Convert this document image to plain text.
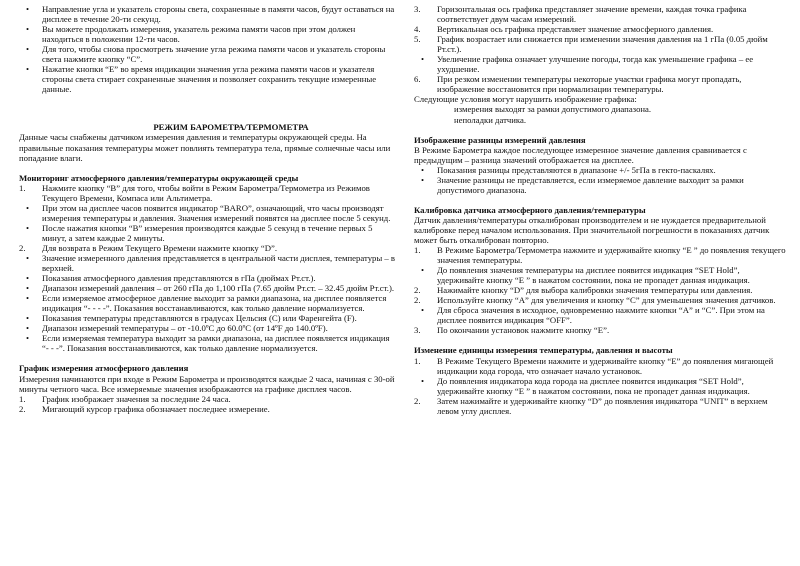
• Направление угла и указатель стороны света, сохраненные в памяти часов, будут оставаться на дисплее в течение 20-ти секунд.
• Вы можете продолжать измерения, указатель режима памяти часов при этом должен находиться в положении 12-ти часов.
• Для того, чтобы снова просмотреть значение угла режима памяти часов и указатель стороны света нажмите кнопку “C”.
• Нажатие кнопки “E” во время индикации значения угла режима памяти часов и указателя стороны света стирает сохраненные значения и позволяет сохранить текущие измеренные данные.
РЕЖИМ БАРОМЕТРА/ТЕРМОМЕТРА

Данные часы снабжены датчиком измерения давления и температуры окружающей среды. На правильные показания температуры может повлиять температура тела, прямые солнечные часы или попадание влаги.

Мониторинг атмосферного давления/температуры окружающей среды
1. Нажмите кнопку “B” для того, чтобы войти в Режим Барометра/Термометра из Режимов Текущего Времени, Компаса или Альтиметра.
• При этом на дисплее часов появится индикатор “BARO”, означающий, что часы производят измерения температуры и давления. Значения измерений появятся на дисплее после 5 секунд.
• После нажатия кнопки “B” измерения производятся каждые 5 секунд в течение первых 5 минут, а затем каждые 2 минуты.
2. Для возврата в Режим Текущего Времени нажмите кнопку “D”.
• Значение измеренного давления представляется в центральной части дисплея, температуры – в верхней.
• Показания атмосферного давления представляются в гПа (дюймах Рт.ст.).
• Диапазон измерений давления – от 260 гПа до 1,100 гПа (7.65 дюйм Рт.ст. – 32.45 дюйм Рт.ст.).
• Если измеряемое атмосферное давление выходит за рамки диапазона, на дисплее появляется индикация “- - - -”. Показания восстанавливаются, как только давление нормализуется.
• Показания температуры представляются в градусах Цельсия (С) или Фаренгейта (F).
• Диапазон измерений температуры – от -10.0ºC до 60.0ºC (от 14ºF до 140.0ºF).
• Если измеряемая температура выходит за рамки диапазона, на дисплее появляется индикация “- - -”. Показания восстанавливаются, как только давление нормализуется.
График измерения атмосферного давления

Измерения начинаются при входе в Режим Барометра и производятся каждые 2 часа, начиная с 30-ой минуты четного часа. Все измеряемые значения изображаются на графике дисплея часов.

1. График изображает значения за последние 24 часа.
2. Мигающий курсор графика обозначает последнее измерение.
3. Горизонтальная ось графика представляет значение времени, каждая точка графика соответствует двум часам измерений.
4. Вертикальная ось графика представляет значение атмосферного давления.
5. График возрастает или снижается при изменении значения давления на 1 гПа (0.05 дюйм Рт.ст.).
• Увеличение графика означает улучшение погоды, тогда как уменьшение графика – ее ухудшение.
6. При резком изменении температуры некоторые участки графика могут пропадать, изображение восстановится при нормализации температуры.

Следующие условия могут нарушить изображение графика:

измерения выходят за рамки допустимого диапазона.
неполадки датчика.
Изображение разницы измерений давления

В Режиме Барометра каждое последующее измеренное значение давления сравнивается с предыдущим – разница значений отображается на дисплее.

• Показания разницы представляются в диапазоне +/- 5гПа в гекто-паскалях.
• Значение разницы не представляется, если измеряемое давление выходит за рамки допустимого диапазона.
Калибровка датчика атмосферного давления/температуры

Датчик давления/температуры откалиброван производителем и не нуждается предварительной калибровке перед началом использования. При значительной погрешности в показаниях датчик может быть откалиброван повторно.

1. В Режиме Барометра/Термометра нажмите и удерживайте кнопку “E ” до появления текущего значения температуры.
• До появления значения температуры на дисплее появится индикация “SET Hold”, удерживайте кнопку “E ” в нажатом состоянии, пока не пропадет данная индикация.
2. Нажимайте кнопку “D” для выбора калибровки значения температуры или давления.
2. Используйте кнопку “A” для увеличения и кнопку “C” для уменьшения значения датчиков.
• Для сброса значения в исходное, одновременно нажмите кнопки “A” и “C”. При этом на дисплее появится индикация “OFF”.
3. По окончании установок нажмите кнопку “E”.
Изменение единицы измерения температуры, давления и высоты
1. В Режиме Текущего Времени нажмите и удерживайте кнопку “E” до появления мигающей индикации кода города, что означает начало установок.
• До появления индикатора кода города на дисплее появится индикация “SET Hold”, удерживайте кнопку “E ” в нажатом состоянии, пока не пропадет данная индикация.
2. Затем нажимайте и удерживайте кнопку “D” до появления индикатора “UNIT” в верхнем левом углу дисплея.
